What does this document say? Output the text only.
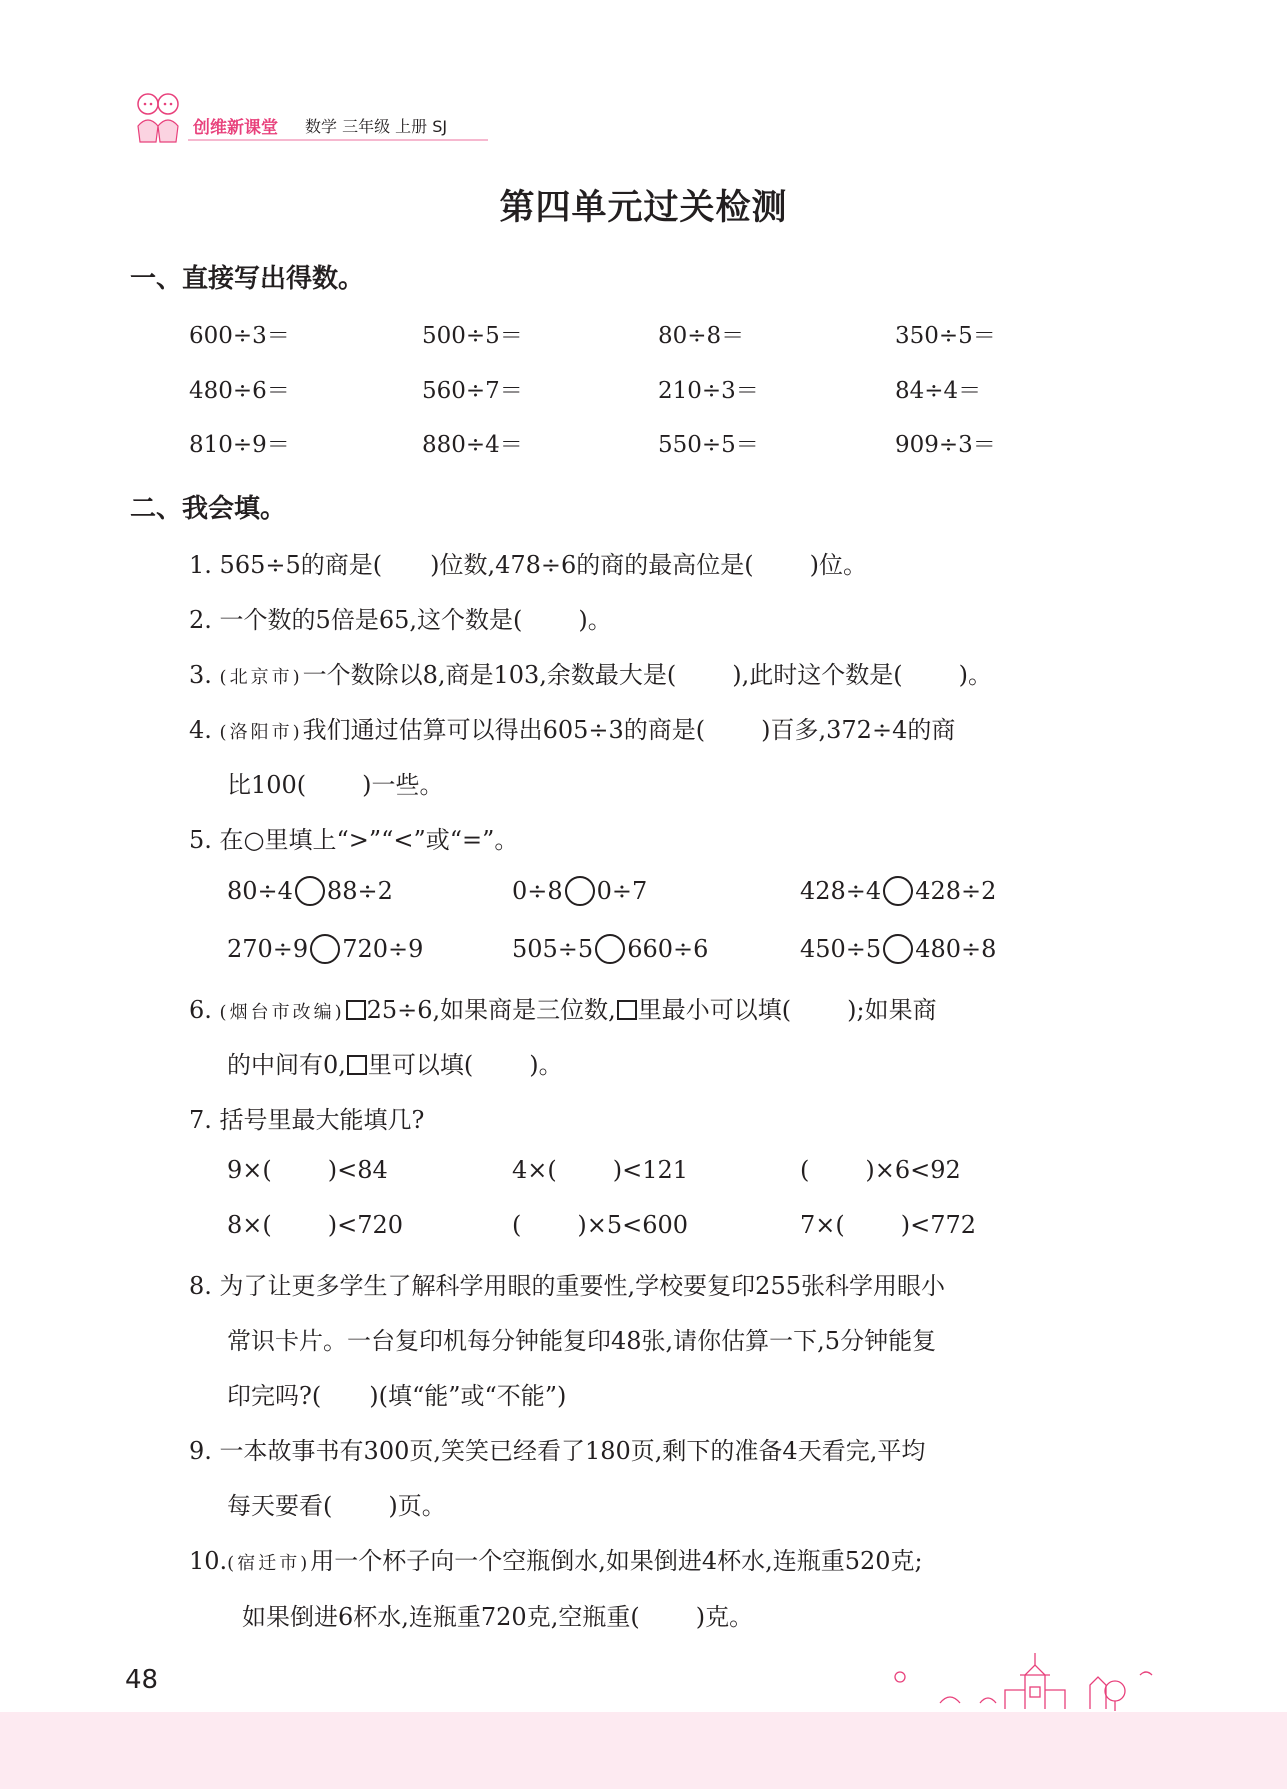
创维新课堂 数学 三年级 上册 SJ
第四单元过关检测
一、直接写出得数。
600÷3＝	500÷5＝	80÷8＝	350÷5＝
480÷6＝	560÷7＝	210÷3＝	84÷4＝
810÷9＝	880÷4＝	550÷5＝	909÷3＝
二、我会填。
1. 565÷5的商是( )位数,478÷6的商的最高位是( )位。
2. 一个数的5倍是65,这个数是( )。
3. (北京市)一个数除以8,商是103,余数最大是( ),此时这个数是( )。
4. (洛阳市)我们通过估算可以得出605÷3的商是( )百多,372÷4的商
比100( )一些。
5. 在○里填上“>”“<”或“=”。
80÷4 88÷2	0÷8 0÷7	428÷4 428÷2
270÷9 720÷9	505÷5 660÷6	450÷5 480÷8
6. (烟台市改编) 25÷6,如果商是三位数, 里最小可以填( );如果商
的中间有0, 里可以填( )。
7. 括号里最大能填几?
9×( )<84	4×( )<121	( )×6<92
8×( )<720	( )×5<600	7×( )<772
8. 为了让更多学生了解科学用眼的重要性,学校要复印255张科学用眼小
常识卡片。一台复印机每分钟能复印48张,请你估算一下,5分钟能复
印完吗?( )(填“能”或“不能”)
9. 一本故事书有300页,笑笑已经看了180页,剩下的准备4天看完,平均
每天要看( )页。
10.(宿迁市)用一个杯子向一个空瓶倒水,如果倒进4杯水,连瓶重520克;
如果倒进6杯水,连瓶重720克,空瓶重( )克。
48
